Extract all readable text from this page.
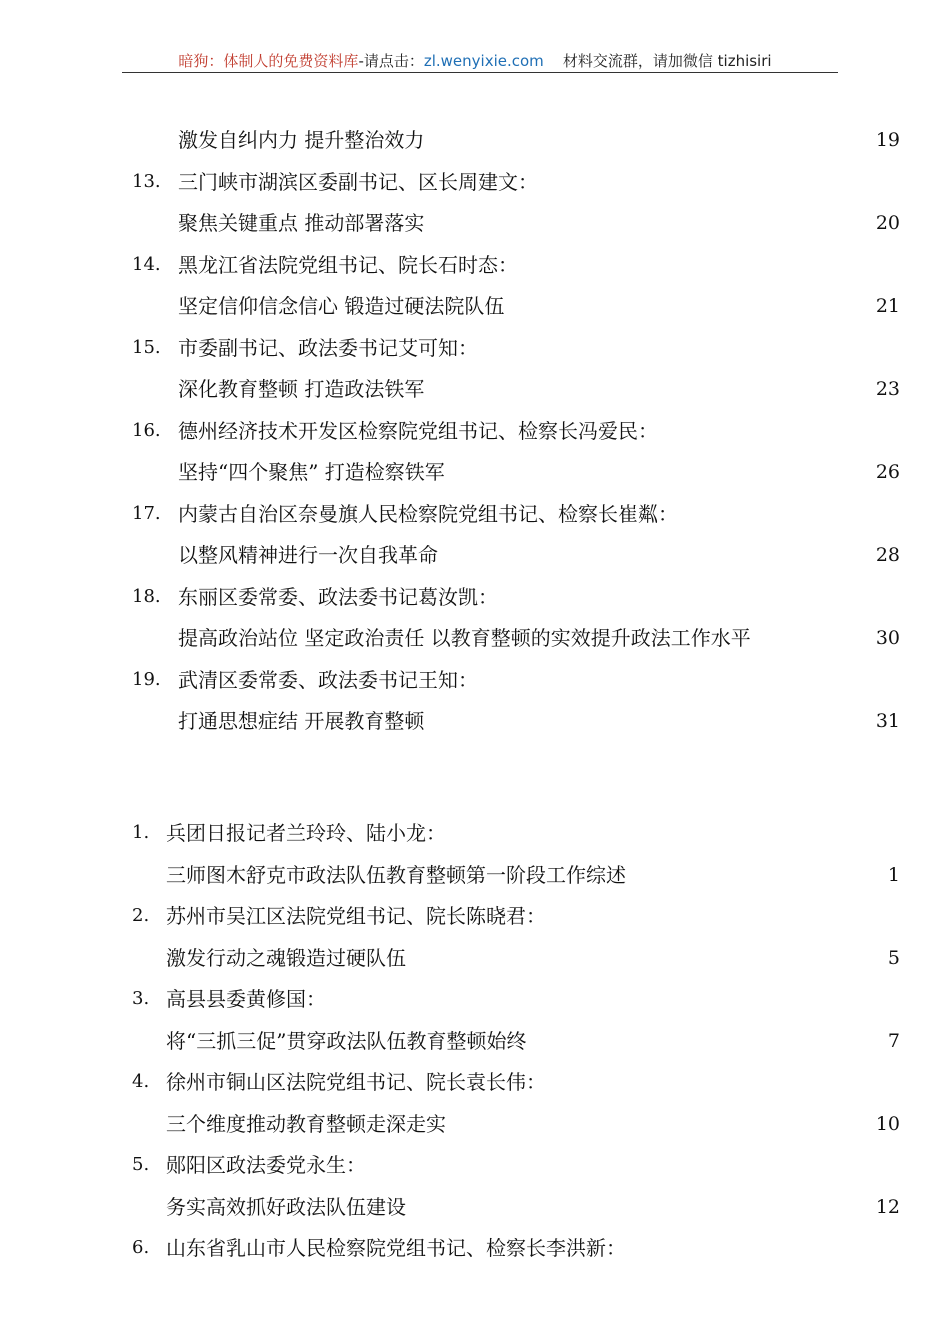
暗狗：体制人的免费资料库-请点击：zl.wenyixie.com 材料交流群，请加微信 tizhisiri
激发自纠内力 提升整治效力	19
13. 三门峡市湖滨区委副书记、区长周建文：
聚焦关键重点 推动部署落实	20
14. 黑龙江省法院党组书记、院长石时态：
坚定信仰信念信心 锻造过硬法院队伍	21
15. 市委副书记、政法委书记艾可知：
深化教育整顿 打造政法铁军	23
16. 德州经济技术开发区检察院党组书记、检察长冯爱民：
坚持“四个聚焦” 打造检察铁军	26
17. 内蒙古自治区奈曼旗人民检察院党组书记、检察长崔粼：
以整风精神进行一次自我革命	28
18. 东丽区委常委、政法委书记葛汝凯：
提高政治站位 坚定政治责任 以教育整顿的实效提升政法工作水平	30
19. 武清区委常委、政法委书记王知：
打通思想症结 开展教育整顿	31
1. 兵团日报记者兰玲玲、陆小龙：
三师图木舒克市政法队伍教育整顿第一阶段工作综述	1
2. 苏州市吴江区法院党组书记、院长陈晓君：
激发行动之魂锻造过硬队伍	5
3. 高县县委黄修国：
将“三抓三促”贯穿政法队伍教育整顿始终	7
4. 徐州市铜山区法院党组书记、院长袁长伟：
三个维度推动教育整顿走深走实	10
5. 郧阳区政法委党永生：
务实高效抓好政法队伍建设	12
6. 山东省乳山市人民检察院党组书记、检察长李洪新：
